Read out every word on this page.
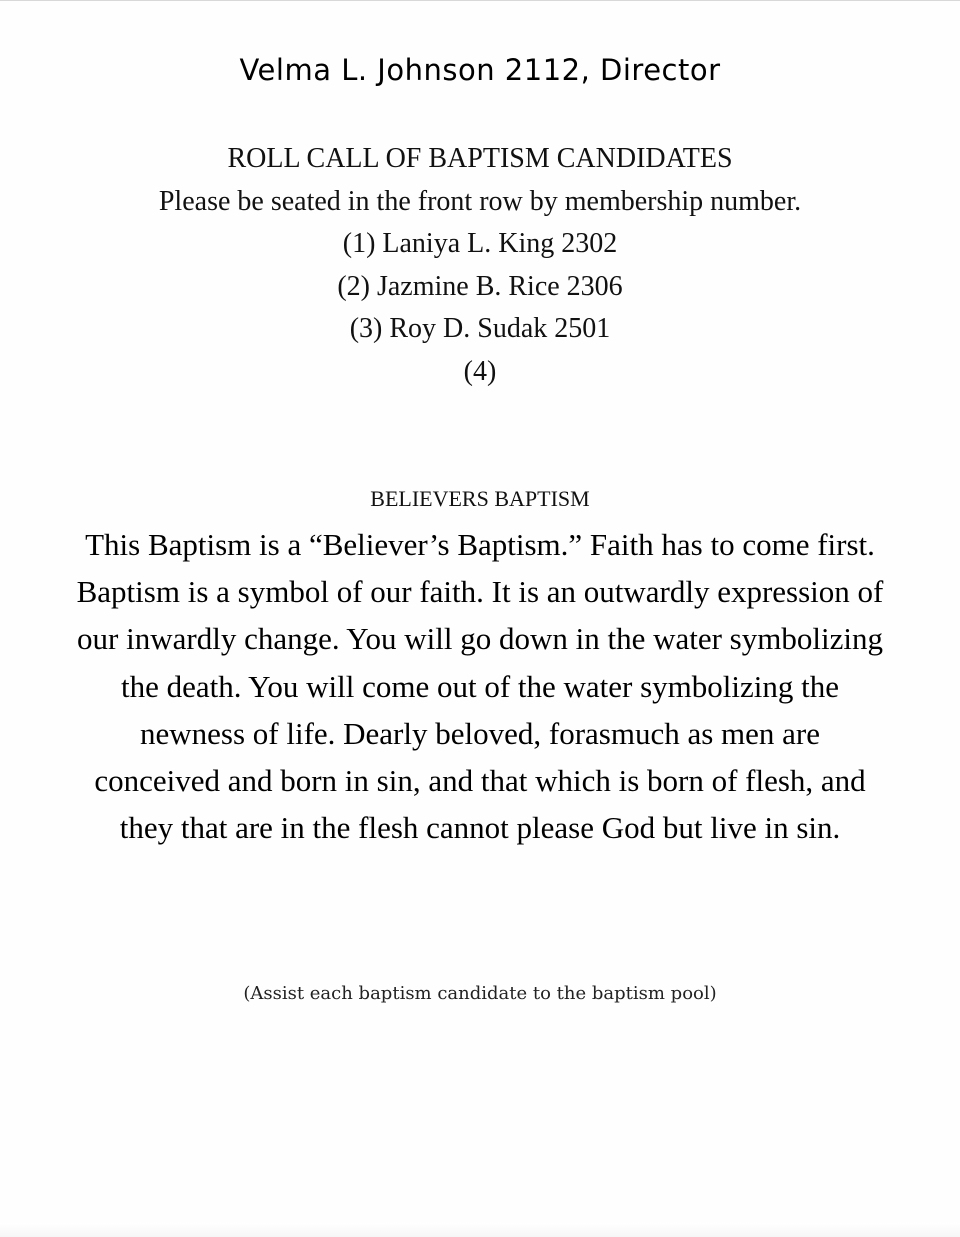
Velma L. Johnson 2112, Director
ROLL CALL OF BAPTISM CANDIDATES
Please be seated in the front row by membership number.
(1) Laniya L. King 2302
(2) Jazmine B. Rice 2306
(3) Roy D. Sudak 2501
(4)
BELIEVERS BAPTISM
This Baptism is a “Believer’s Baptism.” Faith has to come first.
Baptism is a symbol of our faith. It is an outwardly expression of
our inwardly change. You will go down in the water symbolizing
the death. You will come out of the water symbolizing the
newness of life. Dearly beloved, forasmuch as men are
conceived and born in sin, and that which is born of flesh, and
they that are in the flesh cannot please God but live in sin.
(Assist each baptism candidate to the baptism pool)
